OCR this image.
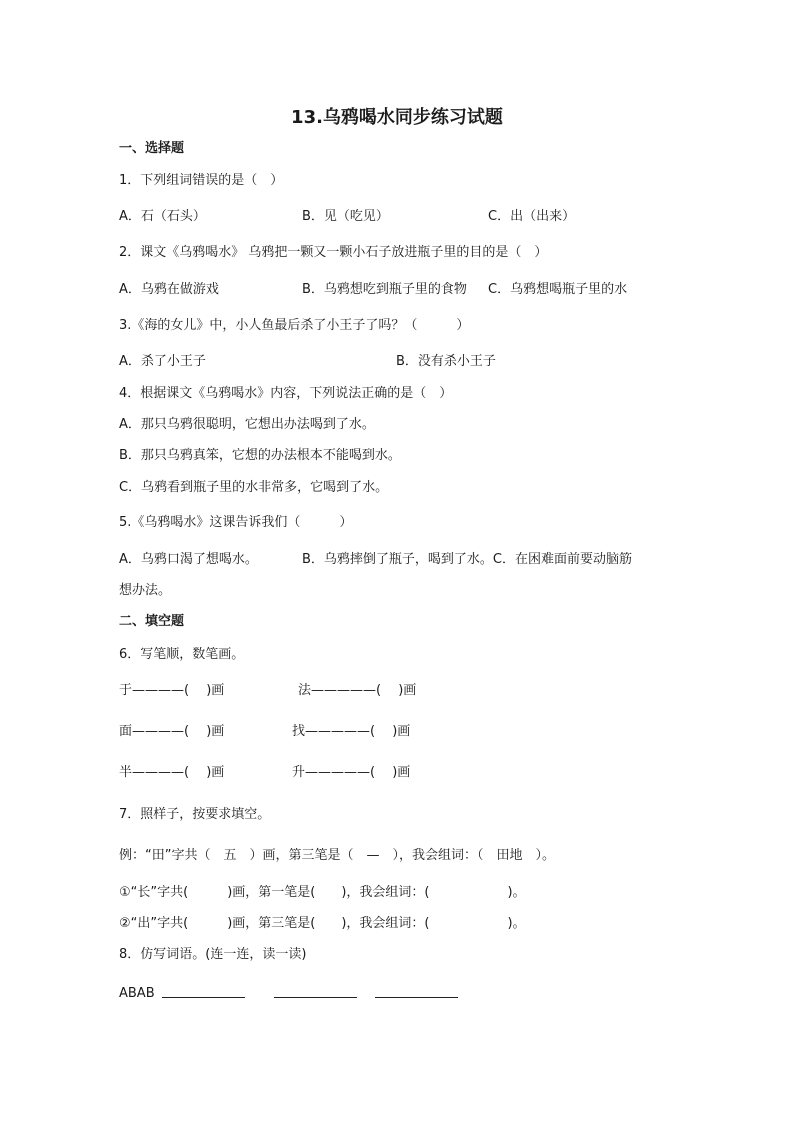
13.乌鸦喝水同步练习试题
一、选择题
1．下列组词错误的是（　）
A．石（石头）	B．见（吃见）	C．出（出来）
2．课文《乌鸦喝水》 乌鸦把一颗又一颗小石子放进瓶子里的目的是（　）
A．乌鸦在做游戏	B．乌鸦想吃到瓶子里的食物 C．乌鸦想喝瓶子里的水
3.《海的女儿》中，小人鱼最后杀了小王子了吗？（　　　）
A．杀了小王子	B．没有杀小王子
4．根据课文《乌鸦喝水》内容，下列说法正确的是（　）
A．那只乌鸦很聪明，它想出办法喝到了水。
B．那只乌鸦真笨，它想的办法根本不能喝到水。
C．乌鸦看到瓶子里的水非常多，它喝到了水。
5.《乌鸦喝水》这课告诉我们（　　　）
A．乌鸦口渴了想喝水。	B．乌鸦摔倒了瓶子，喝到了水。C．在困难面前要动脑筋
想办法。
二、填空题
6．写笔顺，数笔画。
于————(　 )画	法—————(　 )画
面————(　 )画	找—————(　 )画
半————(　 )画	升—————(　 )画
7．照样子，按要求填空。
例：“田”字共（　五　）画，第三笔是（　—　），我会组词：（　田地　）。
①“长”字共(　　　)画，第一笔是(　　)，我会组词：(　　　　　　)。
②“出”字共(　　　)画，第三笔是(　　)，我会组词：(　　　　　　)。
8．仿写词语。(连一连，读一读)
ABAB
